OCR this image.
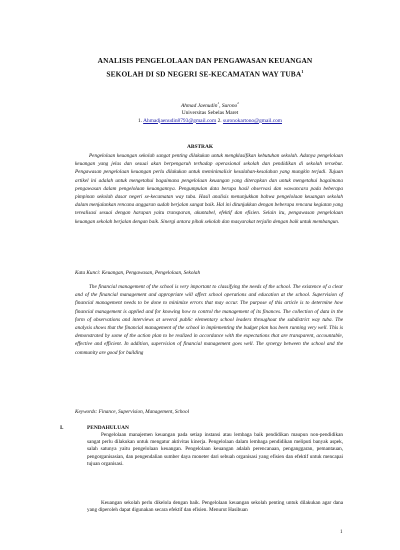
ANALISIS PENGELOLAAN DAN PENGAWASAN KEUANGAN
SEKOLAH DI SD NEGERI SE-KECAMATAN WAY TUBA$^1$
Ahmad Jaenudin$^1$, Surono$^2$
Universitas Sebelas Maret
1. Ahmadjaenudin8793@gmail.com 2. suronokartono@gmail.com
ABSTRAK

Pengelolaan keuangan sekolah sangat penting dilakukan untuk mengklasifikan kebutuhan sekolah. Adanya pengelolaan keuangan yang jelas dan sesuai akan berpengaruh terhadap operasional sekolah dan pendidikan di sekolah tersebut. Pengawasan pengelolaan keuangan perlu dilakukan untuk meminimalisir kesalahan-kesalahan yang mungkin terjadi. Tujuan artikel ini adalah untuk mengetahui bagaimana pengelolaan keuangan yang diterapkan dan untuk mengetahui bagaimana pengawasan dalam pengelolaan keuangannya. Pengumpulan data berupa hasil observasi dan wawancara pada beberapa pimpinan sekolah dasar negeri se-kecamatan way tuba. Hasil analisis menunjukkan bahwa pengelolaan keuangan sekolah dalam menjalankan rencana anggaran sudah berjalan sangat baik. Hal ini ditunjukkan dengan beberapa rencana kegiatan yang terealisasi sesuai dengan harapan yaitu transparan, akuntabel, efektif dan efisien. Selain itu, pengawasan pengelolaan keuangan sekolah berjalan dengan baik. Sinergi antara pihak sekolah dan masyarakat terjalin dengan baik untuk membangun.

Kata Kunci: Keuangan, Pengawasan, Pengelolaan, Sekolah

The financial management of the school is very important to classifying the needs of the school. The existence of a clear and of the financial management and appropriate will affect school operations and education at the school. Supervision of financial management needs to be done to minimize errors that may occur. The purpose of this article is to determine how financial management is applied and for knowing how to control the management of its finances. The collection of data in the form of observations and interviews at several public elementary school leaders throughout the subdistrict way tuba. The analysis shows that the financial management of the school in implementing the budget plan has been running very well. This is demonstrated by some of the action plan to be realized in accordance with the expectations that are transparent, accountable, effective and efficient. In addition, supervision of financial management goes well. The synergy between the school and the community are good for building

Keywords: Finance, Supervision, Management, School

I.	PENDAHULUAN

Pengelolaan manajemen keuangan pada setiap instansi atau lembaga baik pendidikan maupun non-pendidikan sangat perlu dilakukan untuk mengatur aktivitas kinerja. Pengelolaan dalam lembaga pendidikan meliputi banyak aspek, salah satunya yaitu pengelolaan keuangan. Pengelolaan keuangan adalah perencanaan, penganggaran, pemantauan, pengorganisasian, dan pengendalian sumber daya moneter dari sebuah organisasi yang efisien dan efektif untuk mencapai tujuan organisasi.

Keuangan sekolah perlu dikelola dengan baik. Pengelolaan keuangan sekolah penting untuk dilakukan agar dana yang diperoleh dapat digunakan secara efektif dan efisien. Menurut Hasibuan

1
